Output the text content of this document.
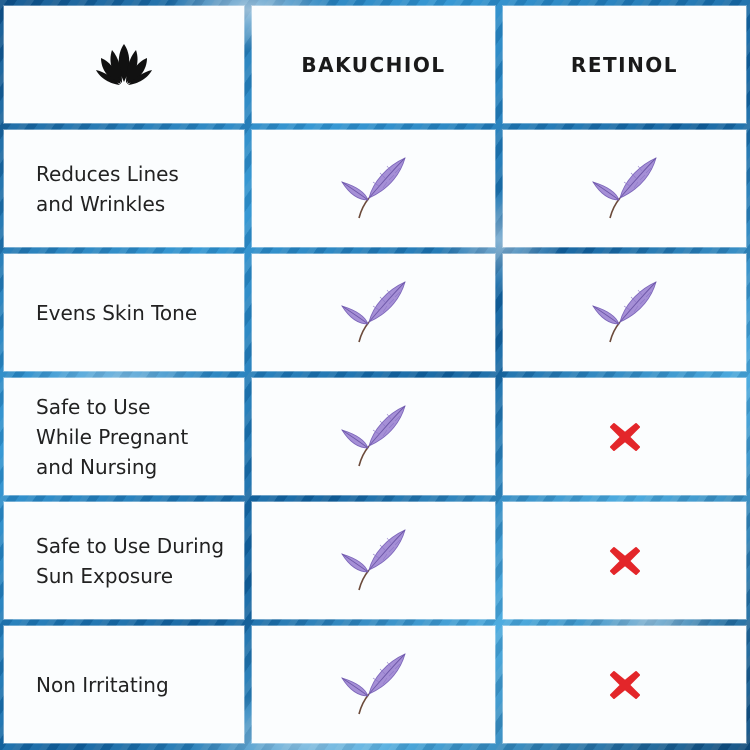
BAKUCHIOL	RETINOL
Reduces Lines
and Wrinkles
Evens Skin Tone
Safe to Use
While Pregnant
and Nursing
Safe to Use During
Sun Exposure
Non Irritating
